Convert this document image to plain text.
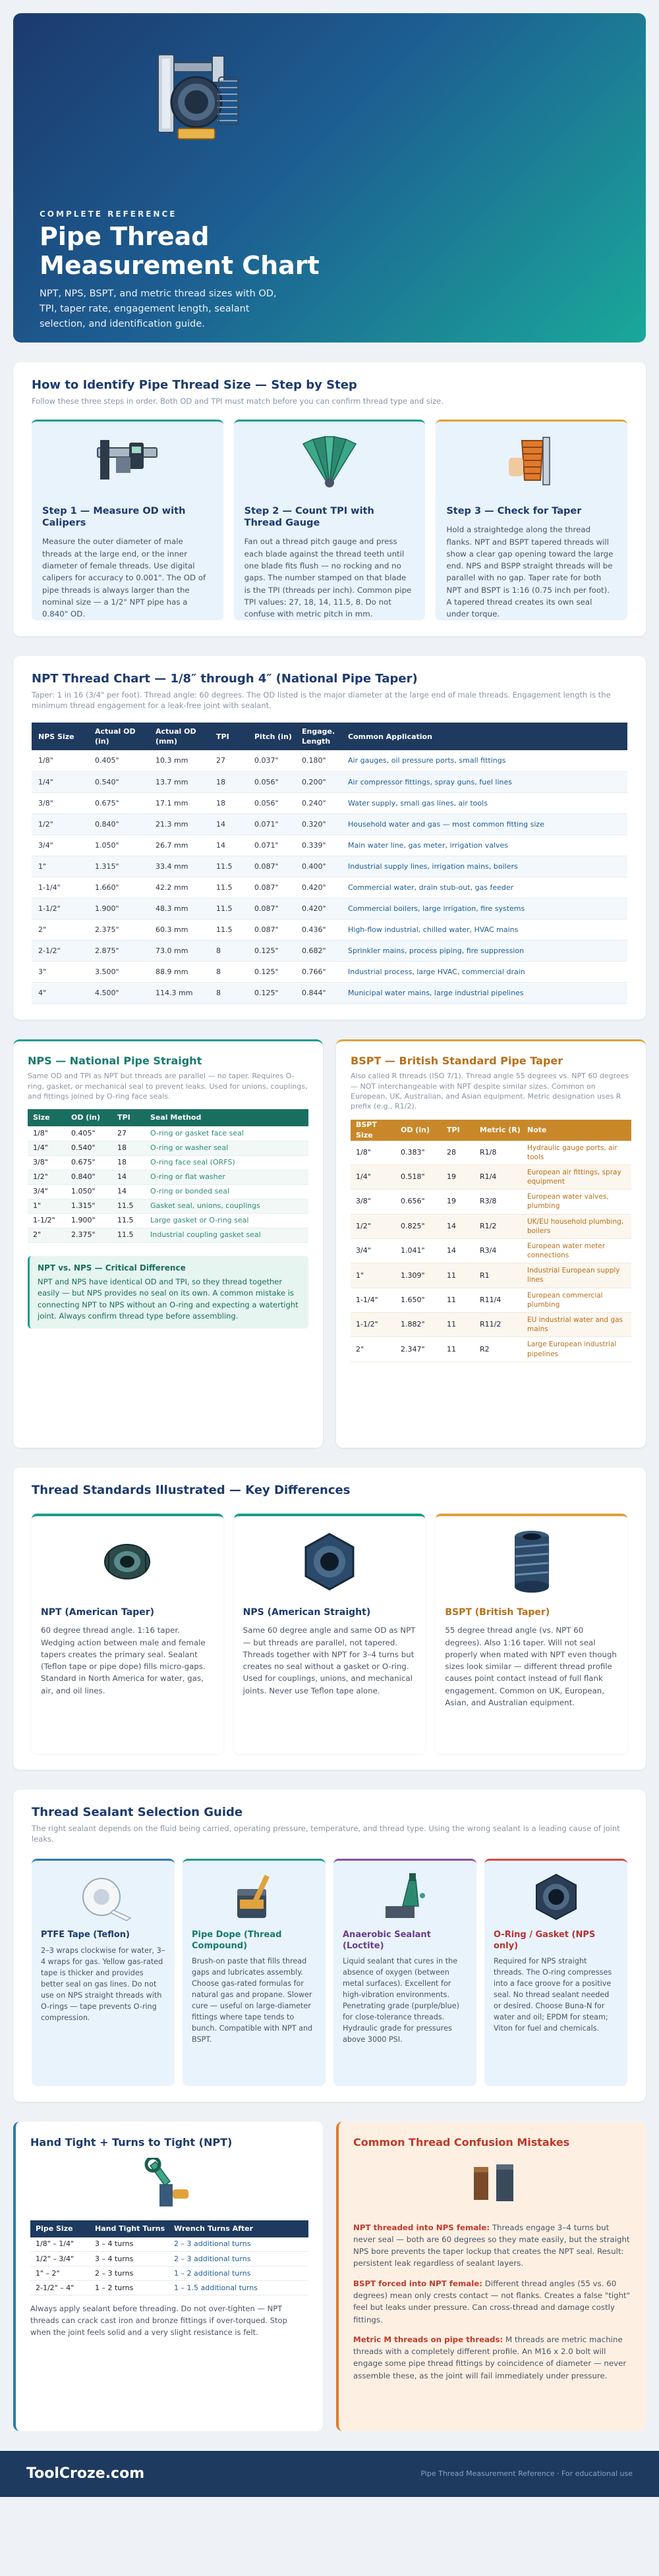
COMPLETE REFERENCE
Pipe Thread Measurement Chart

NPT, NPS, BSPT, and metric thread sizes with OD, TPI, taper rate, engagement length, sealant selection, and identification guide.

How to Identify Pipe Thread Size — Step by Step

Follow these three steps in order. Both OD and TPI must match before you can confirm thread type and size.

Step 1 — Measure OD with Calipers

Measure the outer diameter of male threads at the large end, or the inner diameter of female threads. Use digital calipers for accuracy to 0.001". The OD of pipe threads is always larger than the nominal size — a 1/2" NPT pipe has a 0.840" OD.

Step 2 — Count TPI with Thread Gauge

Fan out a thread pitch gauge and press each blade against the thread teeth until one blade fits flush — no rocking and no gaps. The number stamped on that blade is the TPI (threads per inch). Common pipe TPI values: 27, 18, 14, 11.5, 8. Do not confuse with metric pitch in mm.

Step 3 — Check for Taper

Hold a straightedge along the thread flanks. NPT and BSPT tapered threads will show a clear gap opening toward the large end. NPS and BSPP straight threads will be parallel with no gap. Taper rate for both NPT and BSPT is 1:16 (0.75 inch per foot). A tapered thread creates its own seal under torque.

NPT Thread Chart — 1/8″ through 4″ (National Pipe Taper)

Taper: 1 in 16 (3/4" per foot). Thread angle: 60 degrees. The OD listed is the major diameter at the large end of male threads. Engagement length is the minimum thread engagement for a leak-free joint with sealant.

NPS Size	Actual OD (in)	Actual OD (mm)	TPI	Pitch (in)	Engage. Length	Common Application
1/8"	0.405"	10.3 mm	27	0.037"	0.180"	Air gauges, oil pressure ports, small fittings
1/4"	0.540"	13.7 mm	18	0.056"	0.200"	Air compressor fittings, spray guns, fuel lines
3/8"	0.675"	17.1 mm	18	0.056"	0.240"	Water supply, small gas lines, air tools
1/2"	0.840"	21.3 mm	14	0.071"	0.320"	Household water and gas — most common fitting size
3/4"	1.050"	26.7 mm	14	0.071"	0.339"	Main water line, gas meter, irrigation valves
1"	1.315"	33.4 mm	11.5	0.087"	0.400"	Industrial supply lines, irrigation mains, boilers
1-1/4"	1.660"	42.2 mm	11.5	0.087"	0.420"	Commercial water, drain stub-out, gas feeder
1-1/2"	1.900"	48.3 mm	11.5	0.087"	0.420"	Commercial boilers, large irrigation, fire systems
2"	2.375"	60.3 mm	11.5	0.087"	0.436"	High-flow industrial, chilled water, HVAC mains
2-1/2"	2.875"	73.0 mm	8	0.125"	0.682"	Sprinkler mains, process piping, fire suppression
3"	3.500"	88.9 mm	8	0.125"	0.766"	Industrial process, large HVAC, commercial drain
4"	4.500"	114.3 mm	8	0.125"	0.844"	Municipal water mains, large industrial pipelines
NPS — National Pipe Straight

Same OD and TPI as NPT but threads are parallel — no taper. Requires O-ring, gasket, or mechanical seal to prevent leaks. Used for unions, couplings, and fittings joined by O-ring face seals.

Size	OD (in)	TPI	Seal Method
1/8"	0.405"	27	O-ring or gasket face seal
1/4"	0.540"	18	O-ring or washer seal
3/8"	0.675"	18	O-ring face seal (ORFS)
1/2"	0.840"	14	O-ring or flat washer
3/4"	1.050"	14	O-ring or bonded seal
1"	1.315"	11.5	Gasket seal, unions, couplings
1-1/2"	1.900"	11.5	Large gasket or O-ring seal
2"	2.375"	11.5	Industrial coupling gasket seal
NPT vs. NPS — Critical Difference
NPT and NPS have identical OD and TPI, so they thread together easily — but NPS provides no seal on its own. A common mistake is connecting NPT to NPS without an O-ring and expecting a watertight joint. Always confirm thread type before assembling.
BSPT — British Standard Pipe Taper

Also called R threads (ISO 7/1). Thread angle 55 degrees vs. NPT 60 degrees — NOT interchangeable with NPT despite similar sizes. Common on European, UK, Australian, and Asian equipment. Metric designation uses R prefix (e.g., R1/2).

BSPT Size	OD (in)	TPI	Metric (R)	Note
1/8"	0.383"	28	R1/8	Hydraulic gauge ports, air tools
1/4"	0.518"	19	R1/4	European air fittings, spray equipment
3/8"	0.656"	19	R3/8	European water valves, plumbing
1/2"	0.825"	14	R1/2	UK/EU household plumbing, boilers
3/4"	1.041"	14	R3/4	European water meter connections
1"	1.309"	11	R1	Industrial European supply lines
1-1/4"	1.650"	11	R11/4	European commercial plumbing
1-1/2"	1.882"	11	R11/2	EU industrial water and gas mains
2"	2.347"	11	R2	Large European industrial pipelines
Thread Standards Illustrated — Key Differences
NPT (American Taper)

60 degree thread angle. 1:16 taper. Wedging action between male and female tapers creates the primary seal. Sealant (Teflon tape or pipe dope) fills micro-gaps. Standard in North America for water, gas, air, and oil lines.

NPS (American Straight)

Same 60 degree angle and same OD as NPT — but threads are parallel, not tapered. Threads together with NPT for 3–4 turns but creates no seal without a gasket or O-ring. Used for couplings, unions, and mechanical joints. Never use Teflon tape alone.

BSPT (British Taper)

55 degree thread angle (vs. NPT 60 degrees). Also 1:16 taper. Will not seal properly when mated with NPT even though sizes look similar — different thread profile causes point contact instead of full flank engagement. Common on UK, European, Asian, and Australian equipment.

Thread Sealant Selection Guide

The right sealant depends on the fluid being carried, operating pressure, temperature, and thread type. Using the wrong sealant is a leading cause of joint leaks.

PTFE Tape (Teflon)

2–3 wraps clockwise for water, 3–4 wraps for gas. Yellow gas-rated tape is thicker and provides better seal on gas lines. Do not use on NPS straight threads with O-rings — tape prevents O-ring compression.

Pipe Dope (Thread Compound)

Brush-on paste that fills thread gaps and lubricates assembly. Choose gas-rated formulas for natural gas and propane. Slower cure — useful on large-diameter fittings where tape tends to bunch. Compatible with NPT and BSPT.

Anaerobic Sealant (Loctite)

Liquid sealant that cures in the absence of oxygen (between metal surfaces). Excellent for high-vibration environments. Penetrating grade (purple/blue) for close-tolerance threads. Hydraulic grade for pressures above 3000 PSI.

O-Ring / Gasket (NPS only)

Required for NPS straight threads. The O-ring compresses into a face groove for a positive seal. No thread sealant needed or desired. Choose Buna-N for water and oil; EPDM for steam; Viton for fuel and chemicals.

Hand Tight + Turns to Tight (NPT)
Pipe Size	Hand Tight Turns	Wrench Turns After
1/8" – 1/4"	3 – 4 turns	2 – 3 additional turns
1/2" – 3/4"	3 – 4 turns	2 – 3 additional turns
1" – 2"	2 – 3 turns	1 – 2 additional turns
2-1/2" – 4"	1 – 2 turns	1 – 1.5 additional turns

Always apply sealant before threading. Do not over-tighten — NPT threads can crack cast iron and bronze fittings if over-torqued. Stop when the joint feels solid and a very slight resistance is felt.

Common Thread Confusion Mistakes

NPT threaded into NPS female: Threads engage 3–4 turns but never seal — both are 60 degrees so they mate easily, but the straight NPS bore prevents the taper lockup that creates the NPT seal. Result: persistent leak regardless of sealant layers.

BSPT forced into NPT female: Different thread angles (55 vs. 60 degrees) mean only crests contact — not flanks. Creates a false "tight" feel but leaks under pressure. Can cross-thread and damage costly fittings.

Metric M threads on pipe threads: M threads are metric machine threads with a completely different profile. An M16 x 2.0 bolt will engage some pipe thread fittings by coincidence of diameter — never assemble these, as the joint will fail immediately under pressure.

ToolCroze.com	Pipe Thread Measurement Reference · For educational use
